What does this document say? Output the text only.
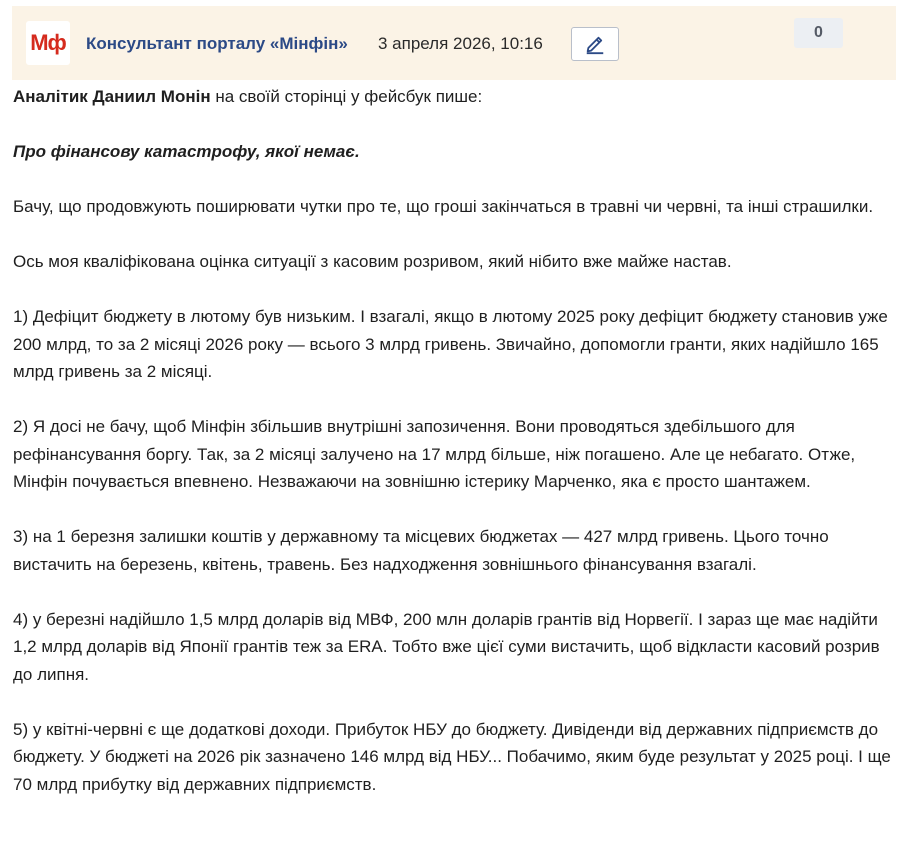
Мф Консультант порталу «Мінфін» 3 апреля 2026, 10:16
0

Аналітик Даниил Монін на своїй сторінці у фейсбук пише:

Про фінансову катастрофу, якої немає.

Бачу, що продовжують поширювати чутки про те, що гроші закінчаться в травні чи червні, та інші страшилки.

Ось моя кваліфікована оцінка ситуації з касовим розривом, який нібито вже майже настав.

1) Дефіцит бюджету в лютому був низьким. І взагалі, якщо в лютому 2025 року дефіцит бюджету становив уже 200 млрд, то за 2 місяці 2026 року — всього 3 млрд гривень. Звичайно, допомогли гранти, яких надійшло 165 млрд гривень за 2 місяці.

2) Я досі не бачу, щоб Мінфін збільшив внутрішні запозичення. Вони проводяться здебільшого для рефінансування боргу. Так, за 2 місяці залучено на 17 млрд більше, ніж погашено. Але це небагато. Отже, Мінфін почувається впевнено. Незважаючи на зовнішню істерику Марченко, яка є просто шантажем.

3) на 1 березня залишки коштів у державному та місцевих бюджетах — 427 млрд гривень. Цього точно вистачить на березень, квітень, травень. Без надходження зовнішнього фінансування взагалі.

4) у березні надійшло 1,5 млрд доларів від МВФ, 200 млн доларів грантів від Норвегії. І зараз ще має надійти 1,2 млрд доларів від Японії грантів теж за ERA. Тобто вже цієї суми вистачить, щоб відкласти касовий розрив до липня.

5) у квітні-червні є ще додаткові доходи. Прибуток НБУ до бюджету. Дивіденди від державних підприємств до бюджету. У бюджеті на 2026 рік зазначено 146 млрд від НБУ... Побачимо, яким буде результат у 2025 році. І ще 70 млрд прибутку від державних підприємств.
